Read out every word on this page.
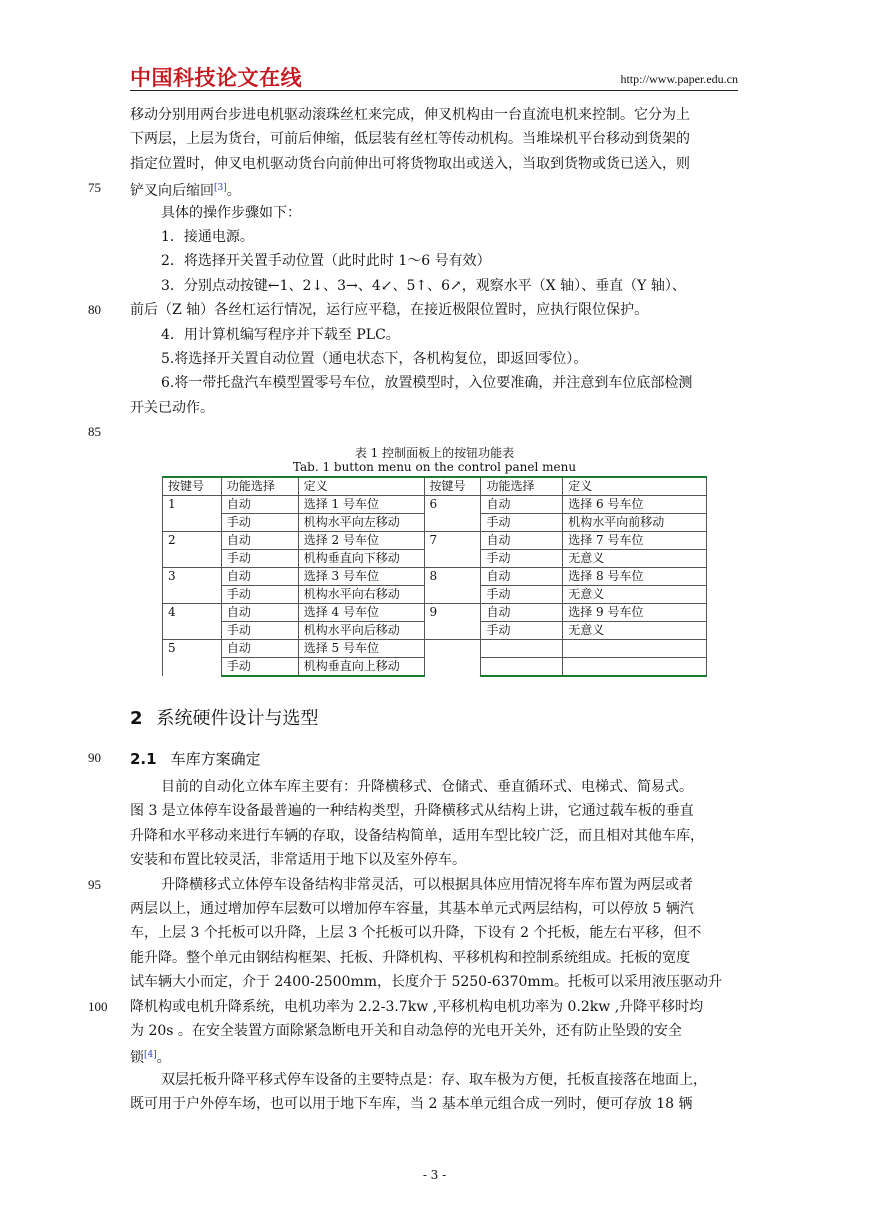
中国科技论文在线	http://www.paper.edu.cn
移动分别用两台步进电机驱动滚珠丝杠来完成，伸叉机构由一台直流电机来控制。它分为上
下两层，上层为货台，可前后伸缩，低层装有丝杠等传动机构。当堆垛机平台移动到货架的
指定位置时，伸叉电机驱动货台向前伸出可将货物取出或送入，当取到货物或货已送入，则
75 铲叉向后缩回[3]。
具体的操作步骤如下：
1．接通电源。
2．将选择开关置手动位置（此时此时 1～6 号有效）
3．分别点动按键←1、2↓、3→、4↙、5↑、6↗，观察水平（X 轴）、垂直（Y 轴）、
80 前后（Z 轴）各丝杠运行情况，运行应平稳，在接近极限位置时，应执行限位保护。
4．用计算机编写程序并下载至 PLC。
5.将选择开关置自动位置（通电状态下，各机构复位，即返回零位）。
6.将一带托盘汽车模型置零号车位，放置模型时，入位要准确，并注意到车位底部检测
开关已动作。
85
表 1 控制面板上的按钮功能表
Tab. 1 button menu on the control panel menu
按键号	功能选择	定义	按键号	功能选择	定义
1	自动	选择 1 号车位	6	自动	选择 6 号车位
	手动	机构水平向左移动		手动	机构水平向前移动
2	自动	选择 2 号车位	7	自动	选择 7 号车位
	手动	机构垂直向下移动		手动	无意义
3	自动	选择 3 号车位	8	自动	选择 8 号车位
	手动	机构水平向右移动		手动	无意义
4	自动	选择 4 号车位	9	自动	选择 9 号车位
	手动	机构水平向后移动		手动	无意义
5	自动	选择 5 号车位			
	手动	机构垂直向上移动			
2 系统硬件设计与选型
90 2.1 车库方案确定
目前的自动化立体车库主要有：升降横移式、仓储式、垂直循环式、电梯式、简易式。
图 3 是立体停车设备最普遍的一种结构类型，升降横移式从结构上讲，它通过载车板的垂直
升降和水平移动来进行车辆的存取，设备结构简单，适用车型比较广泛，而且相对其他车库，
安装和布置比较灵活，非常适用于地下以及室外停车。
95	升降横移式立体停车设备结构非常灵活，可以根据具体应用情况将车库布置为两层或者
两层以上，通过增加停车层数可以增加停车容量，其基本单元式两层结构，可以停放 5 辆汽
车，上层 3 个托板可以升降，上层 3 个托板可以升降，下设有 2 个托板，能左右平移，但不
能升降。整个单元由钢结构框架、托板、升降机构、平移机构和控制系统组成。托板的宽度
试车辆大小而定，介于 2400-2500mm，长度介于 5250-6370mm。托板可以采用液压驱动升
100 降机构或电机升降系统，电机功率为 2.2-3.7kw ,平移机构电机功率为 0.2kw ,升降平移时均
为 20s 。在安全装置方面除紧急断电开关和自动急停的光电开关外，还有防止坠毁的安全
锁[4]。
双层托板升降平移式停车设备的主要特点是：存、取车极为方便，托板直接落在地面上，
既可用于户外停车场，也可以用于地下车库，当 2 基本单元组合成一列时，便可存放 18 辆
- 3 -
